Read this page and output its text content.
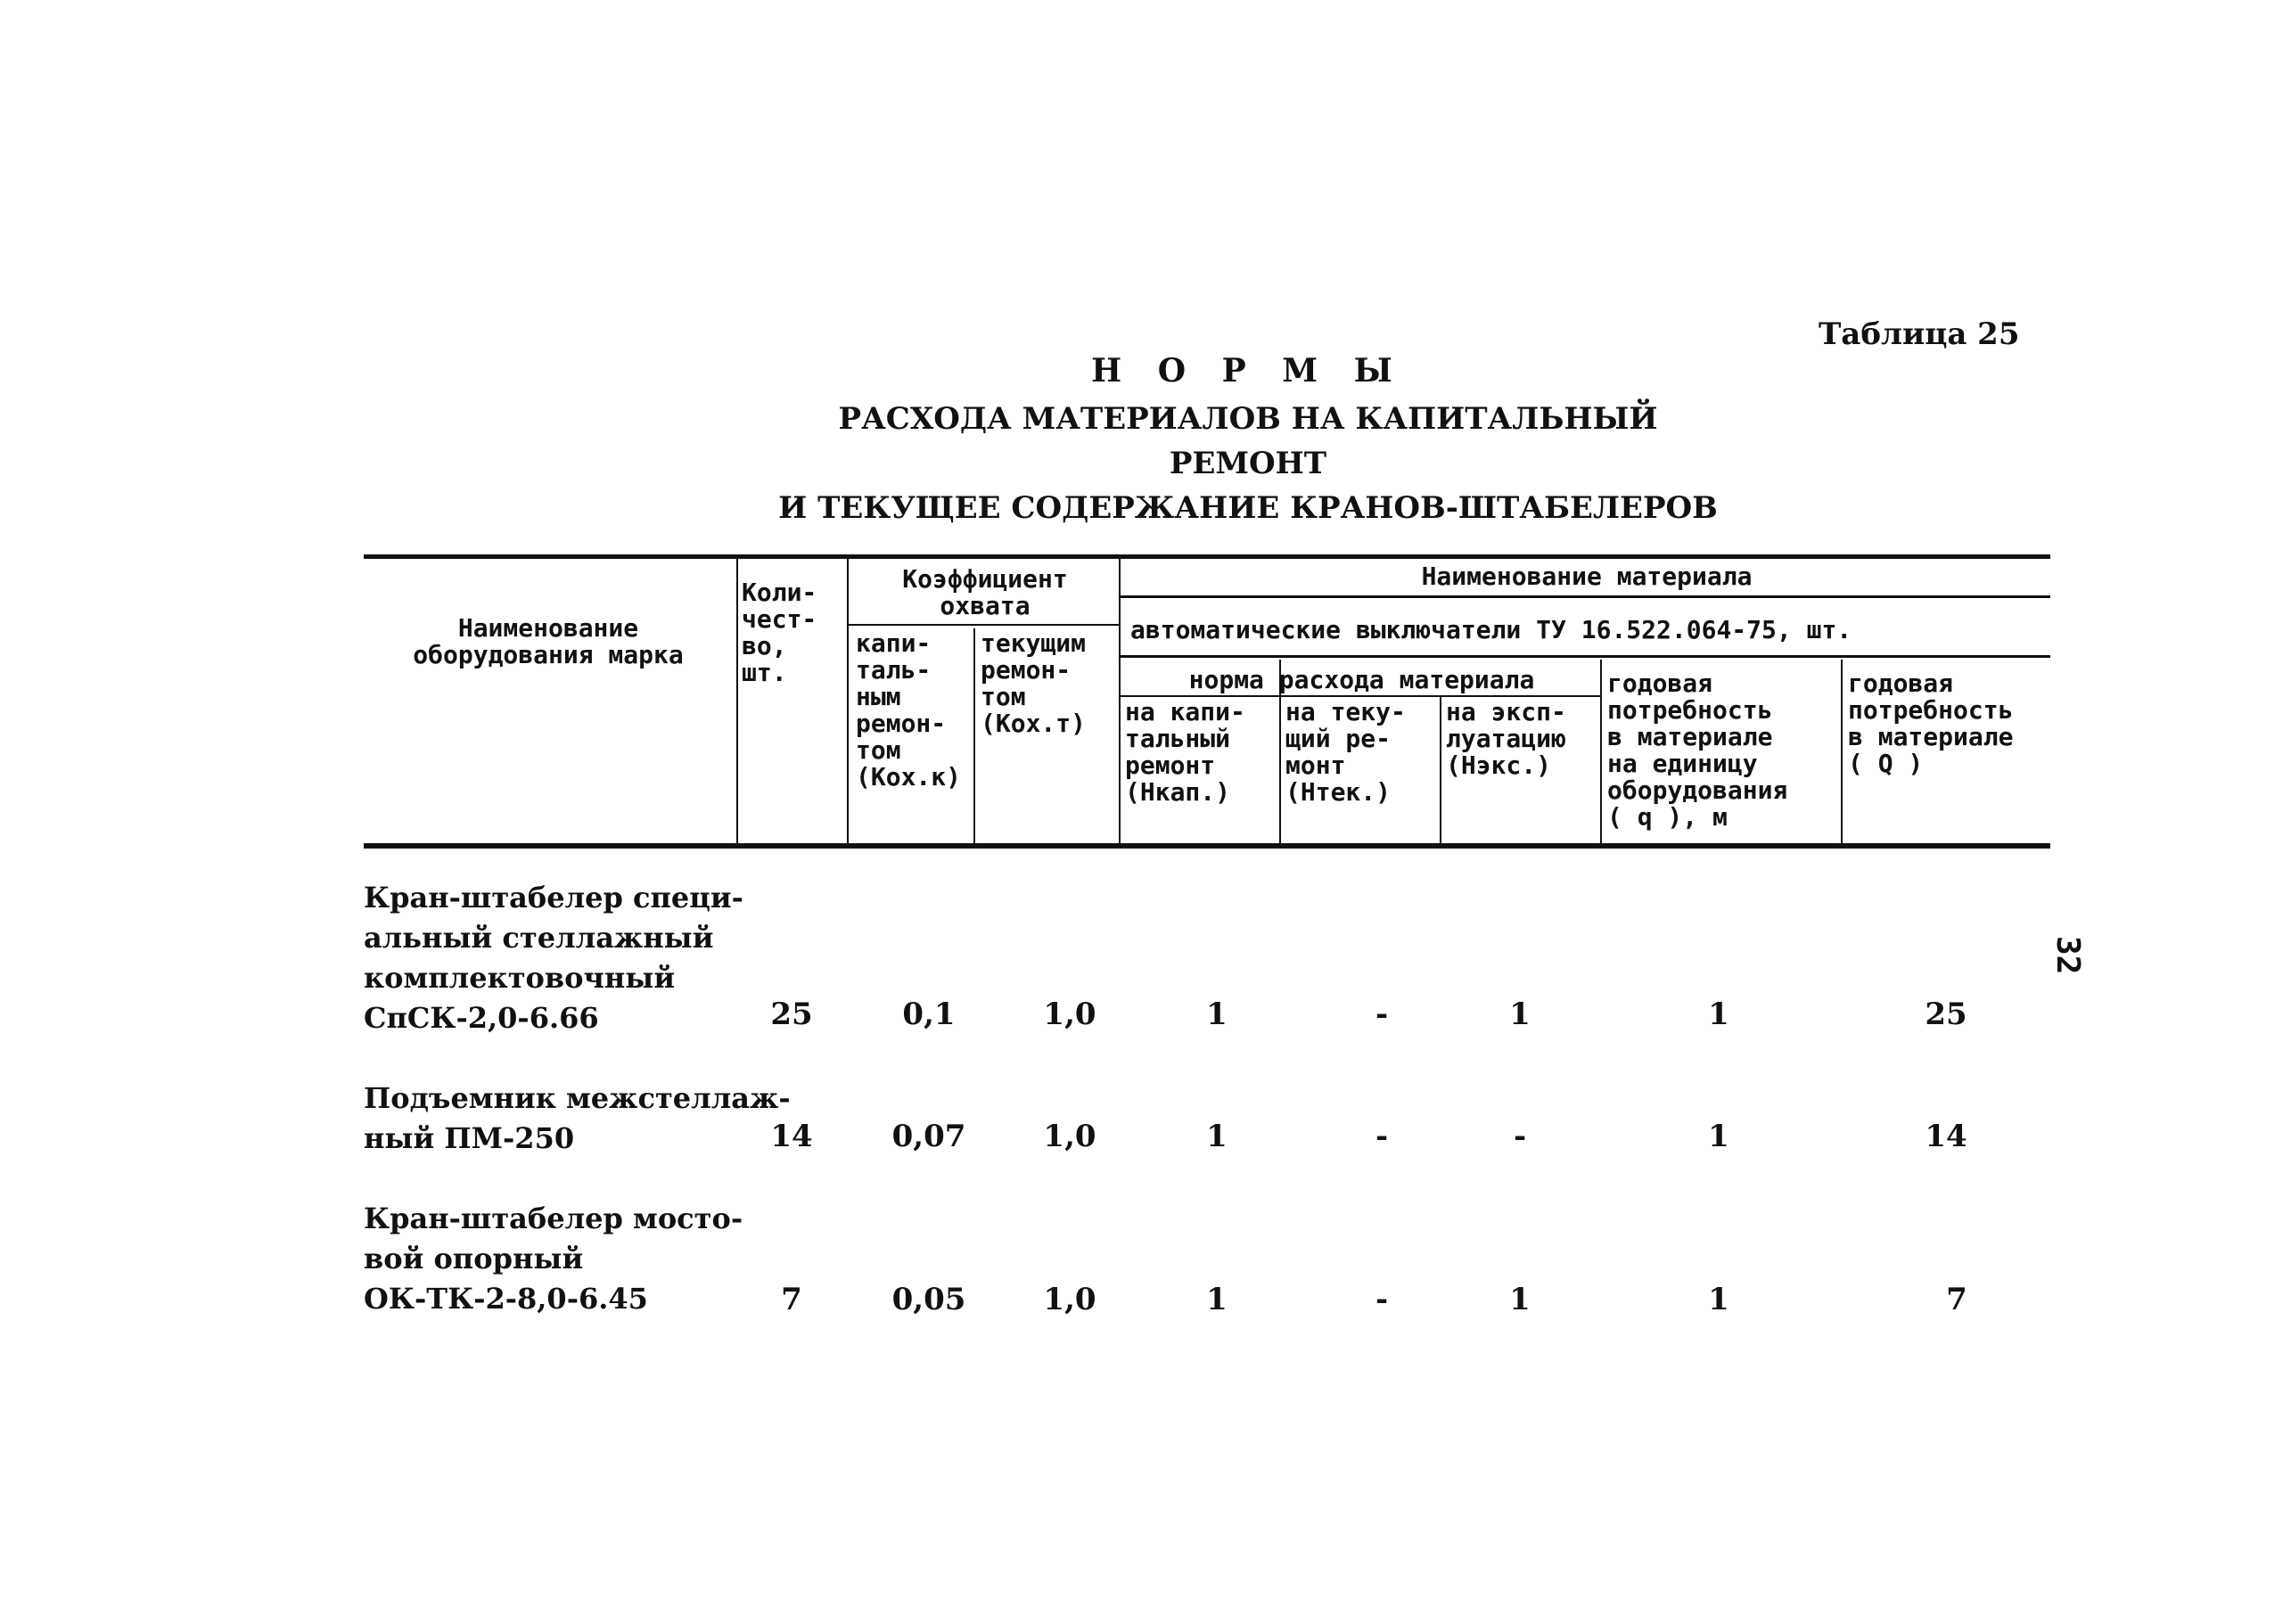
Таблица 25
Н О Р М Ы
РАСХОДА МАТЕРИАЛОВ НА КАПИТАЛЬНЫЙ РЕМОНТ
И ТЕКУЩЕЕ СОДЕРЖАНИЕ КРАНОВ-ШТАБЕЛЕРОВ
32
Наименование оборудования марка
Коли-
чест-
во,
шт.
Коэффициент
охвата
капи-
таль-
ным
ремон-
том
(Кох.к)
текущим
ремон-
том
(Кох.т)
Наименование материала
автоматические выключатели ТУ 16.522.064-75, шт.
норма расхода материала
на капи-
тальный
ремонт
(Нкап.)
на теку-
щий ре-
монт
(Нтек.)
на эксп-
луатацию
(Нэкс.)
годовая
потребность
в материале
на единицу
оборудования
( q ), м
годовая
потребность
в материале
( Q )
Кран-штабелер специ-
альный стеллажный
комплектовочный
СпСК-2,0-6.66	25	0,1	1,0	1	-	1	1	25
Подъемник межстеллаж-
ный ПМ-250	14	0,07	1,0	1	-	-	1	14
Кран-штабелер мосто-
вой опорный
ОК-ТК-2-8,0-6.45	7	0,05	1,0	1	-	1	1	7
